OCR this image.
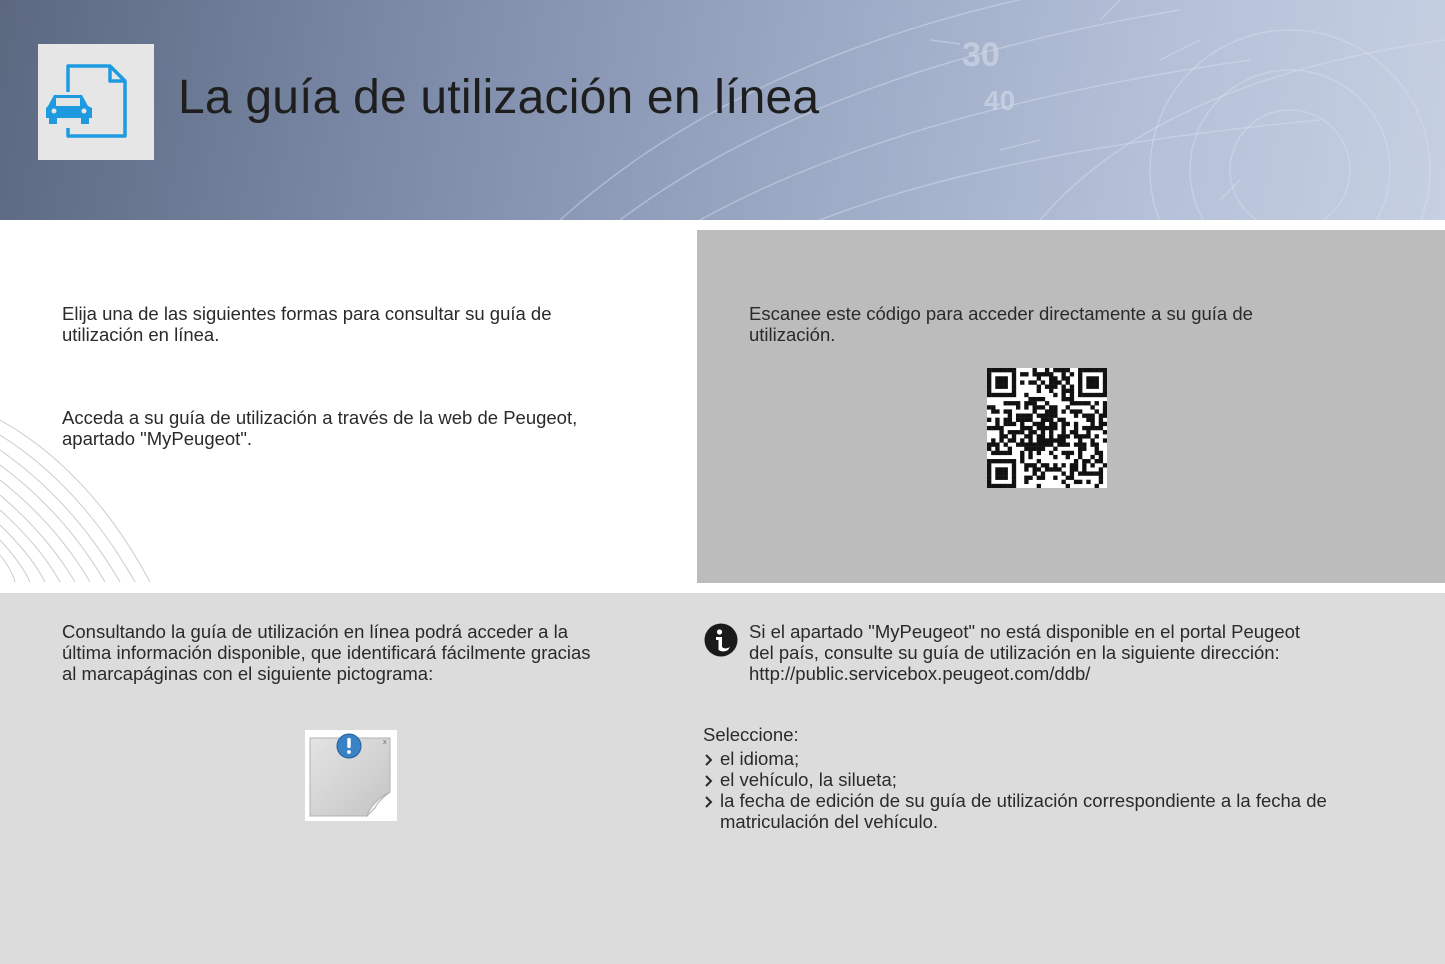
30
40
La guía de utilización en línea
Elija una de las siguientes formas para consultar su guía de
utilización en línea.
Acceda a su guía de utilización a través de la web de Peugeot,
apartado "MyPeugeot".
Escanee este código para acceder directamente a su guía de
utilización.
Consultando la guía de utilización en línea podrá acceder a la
última información disponible, que identificará fácilmente gracias
al marcapáginas con el siguiente pictograma:
x
Si el apartado "MyPeugeot" no está disponible en el portal Peugeot
del país, consulte su guía de utilización en la siguiente dirección:
http://public.servicebox.peugeot.com/ddb/
Seleccione:
el idioma;
el vehículo, la silueta;
la fecha de edición de su guía de utilización correspondiente a la fecha de
matriculación del vehículo.
